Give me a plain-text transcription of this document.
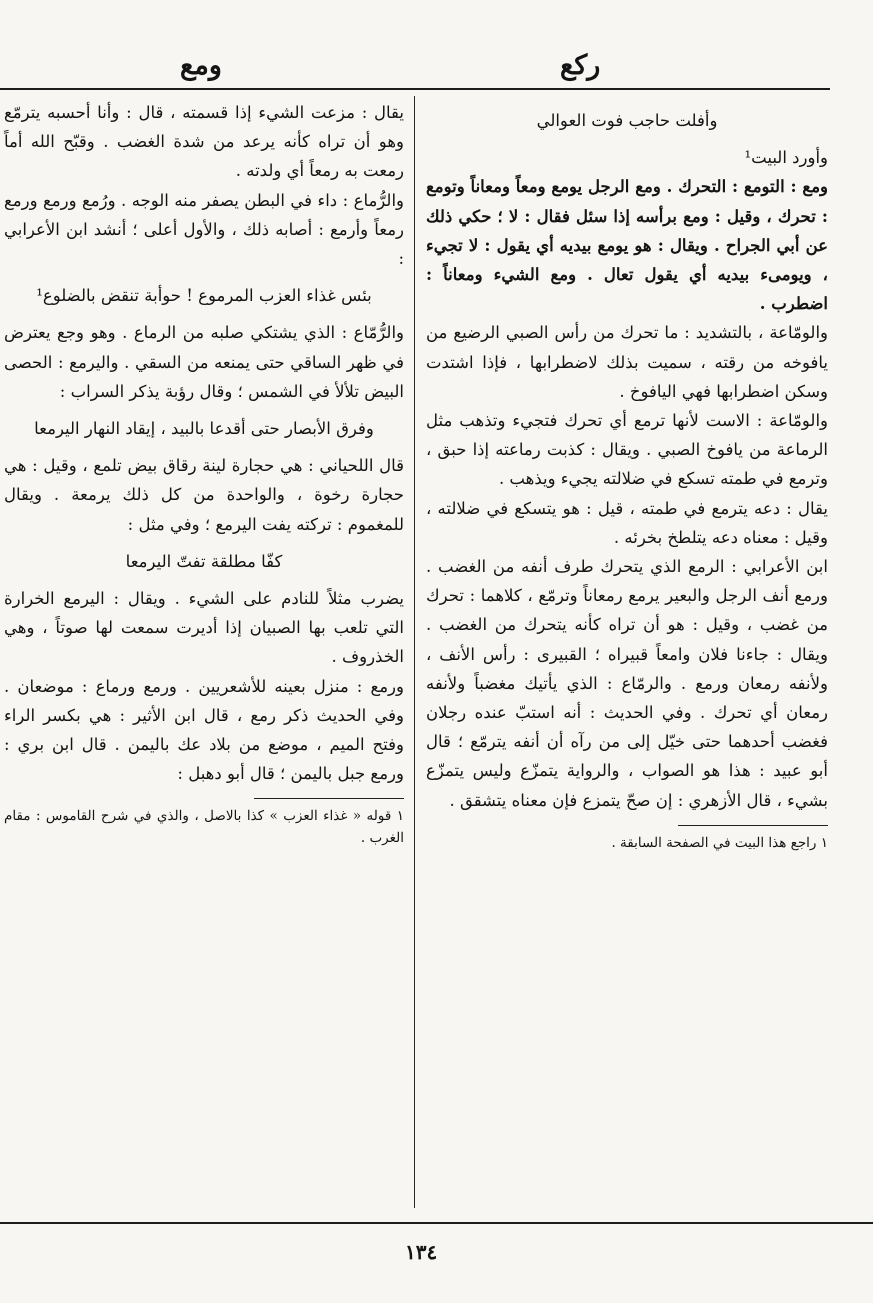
ركع
ومع

وأفلت حاجب فوت العوالي

وأورد البيت¹

ومع : التومع : التحرك . ومع الرجل يومع ومعاً ومعاناً وتومع : تحرك ، وقيل : ومع برأسه إذا سئل فقال : لا ؛ حكي ذلك عن أبي الجراح . ويقال : هو يومع بيديه أي يقول : لا تجيء ، ويومىء بيديه أي يقول تعال . ومع الشيء ومعاناً : اضطرب .

والومّاعة ، بالتشديد : ما تحرك من رأس الصبي الرضيع من يافوخه من رقته ، سميت بذلك لاضطرابها ، فإذا اشتدت وسكن اضطرابها فهي اليافوخ .

والومّاعة : الاست لأنها ترمع أي تحرك فتجيء وتذهب مثل الرماعة من يافوخ الصبي . ويقال : كذبت رماعته إذا حبق ، وترمع في طمته تسكع في ضلالته يجيء ويذهب .

يقال : دعه يترمع في طمته ، قيل : هو يتسكع في ضلالته ، وقيل : معناه دعه يتلطخ بخرئه .

ابن الأعرابي : الرمع الذي يتحرك طرف أنفه من الغضب . ورمع أنف الرجل والبعير يرمع رمعاناً وترمّع ، كلاهما : تحرك من غضب ، وقيل : هو أن تراه كأنه يتحرك من الغضب . ويقال : جاءنا فلان وامعاً قبيراه ؛ القبيرى : رأس الأنف ، ولأنفه رمعان ورمع . والرمّاع : الذي يأتيك مغضباً ولأنفه رمعان أي تحرك . وفي الحديث : أنه استبّ عنده رجلان فغضب أحدهما حتى خيّل إلى من رآه أن أنفه يترمّع ؛ قال أبو عبيد : هذا هو الصواب ، والرواية يتمزّع وليس يتمزّع بشيء ، قال الأزهري : إن صحّ يتمزع فإن معناه يتشقق .

١ راجع هذا البيت في الصفحة السابقة .

يقال : مزعت الشيء إذا قسمته ، قال : وأنا أحسبه يترمّع وهو أن تراه كأنه يرعد من شدة الغضب . وقبّح الله أماً رمعت به رمعاً أي ولدته .

والرُّماع : داء في البطن يصفر منه الوجه . ورُمع ورمع ورمع رمعاً وأرمع : أصابه ذلك ، والأول أعلى ؛ أنشد ابن الأعرابي :

بئس غذاء العزب المرموع ! حوأبة تنقض بالضلوع¹

والرُّمّاع : الذي يشتكي صلبه من الرماع . وهو وجع يعترض في ظهر الساقي حتى يمنعه من السقي . واليرمع : الحصى البيض تلألأ في الشمس ؛ وقال رؤبة يذكر السراب :

وفرق الأبصار حتى أقدعا بالبيد ، إيقاد النهار اليرمعا

قال اللحياني : هي حجارة لينة رقاق بيض تلمع ، وقيل : هي حجارة رخوة ، والواحدة من كل ذلك يرمعة . ويقال للمغموم : تركته يفت اليرمع ؛ وفي مثل :

كفّا مطلقة تفتّ اليرمعا

يضرب مثلاً للنادم على الشيء . ويقال : اليرمع الخرارة التي تلعب بها الصبيان إذا أديرت سمعت لها صوتاً ، وهي الخذروف .

ورمع : منزل بعينه للأشعريين . ورمع ورماع : موضعان . وفي الحديث ذكر رمع ، قال ابن الأثير : هي بكسر الراء وفتح الميم ، موضع من بلاد عك باليمن . قال ابن بري : ورمع جبل باليمن ؛ قال أبو دهبل :

١ قوله « غذاء العزب » كذا بالاصل ، والذي في شرح القاموس : مقام الغرب .

١٣٤
